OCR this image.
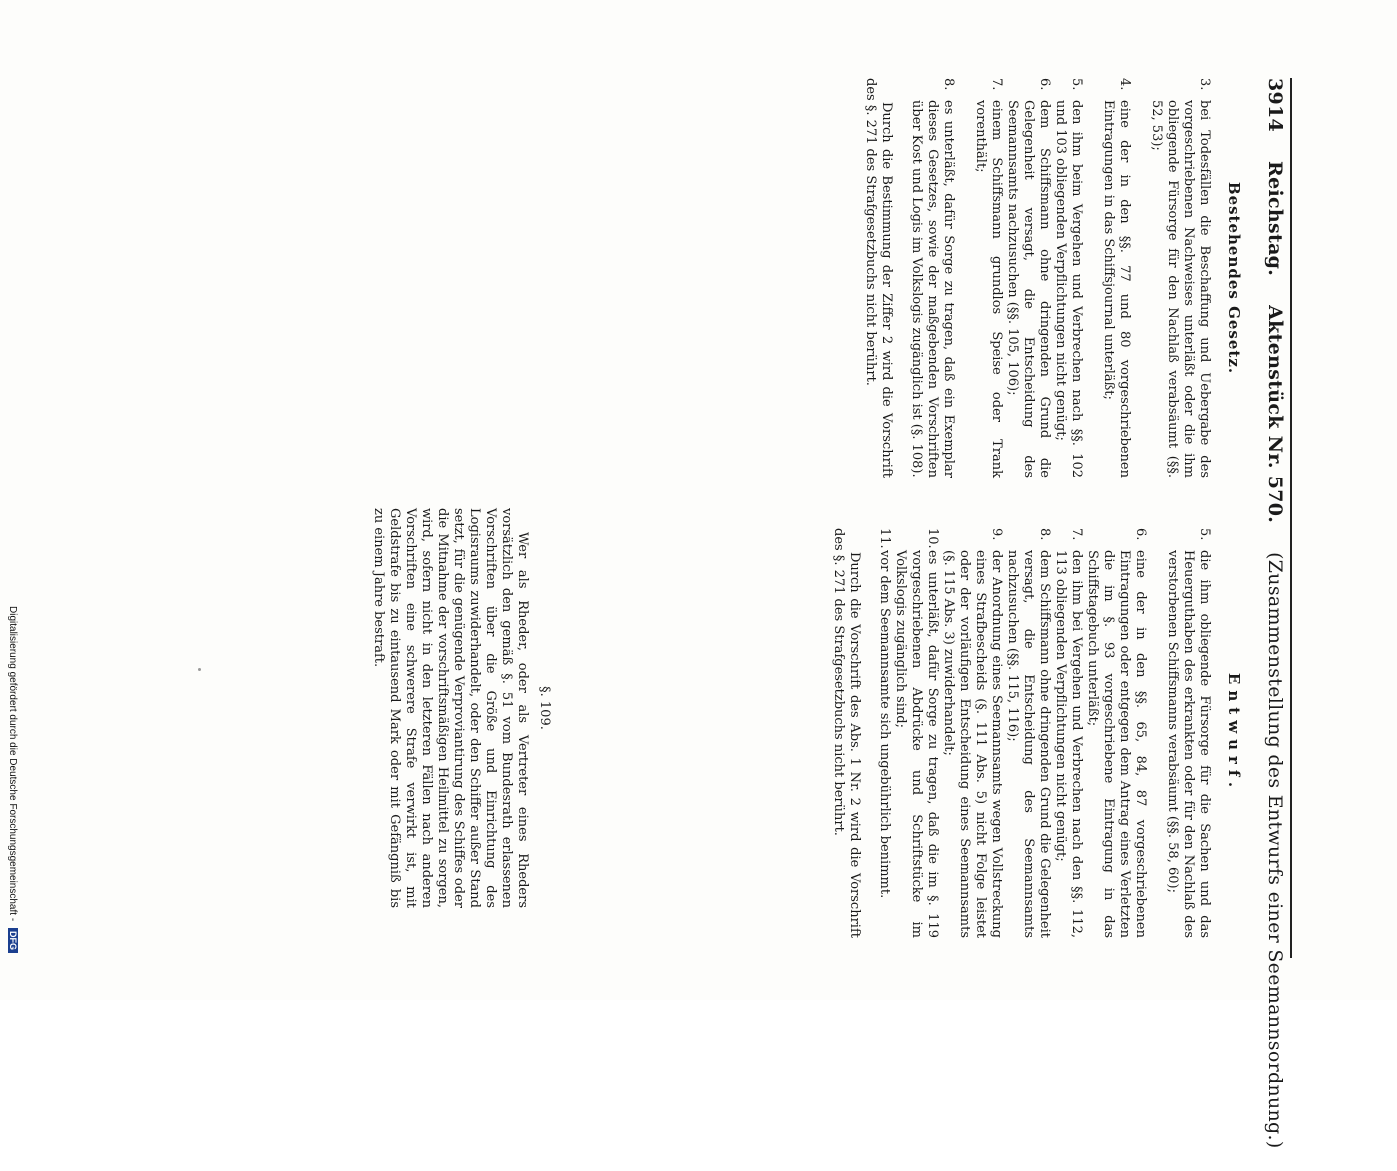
3914 Reichstag. Aktenstück Nr. 570. (Zusammenstellung des Entwurfs einer Seemannsordnung.)
Bestehendes Gesetz.
3.
bei Todesfällen die Beschaffung und Uebergabe des vorgeschriebenen Nachweises unterläßt oder die ihm obliegende Fürsorge für den Nachlaß verabsäumt (§§. 52, 53);
4.
eine der in den §§. 77 und 80 vorgeschriebenen Eintragungen in das Schiffsjournal unterläßt;
5.
den ihm beim Vergehen und Verbrechen nach §§. 102 und 103 obliegenden Verpflichtungen nicht genügt;
6.
dem Schiffsmann ohne dringenden Grund die Gelegenheit versagt, die Entscheidung des Seemannsamts nachzusuchen (§§. 105, 106);
7.
einem Schiffsmann grundlos Speise oder Trank vorenthält;
8.
es unterläßt, dafür Sorge zu tragen, daß ein Exemplar dieses Gesetzes, sowie der maßgebenden Vorschriften über Kost und Logis im Volkslogis zugänglich ist (§. 108).
Durch die Bestimmung der Ziffer 2 wird die Vorschrift des §. 271 des Strafgesetzbuchs nicht berührt.
Entwurf.
5.
die ihm obliegende Fürsorge für die Sachen und das Heuerguthaben des erkrankten oder für den Nachlaß des verstorbenen Schiffsmanns verabsäumt (§§. 58, 60);
6.
eine der in den §§. 65, 84, 87 vorgeschriebenen Eintragungen oder entgegen dem Antrag eines Verletzten die im §. 93 vorgeschriebene Eintragung in das Schiffstagebuch unterläßt;
7.
den ihm bei Vergehen und Verbrechen nach den §§. 112, 113 obliegenden Verpflichtungen nicht genügt;
8.
dem Schiffsmann ohne dringenden Grund die Gelegenheit versagt, die Entscheidung des Seemannsamts nachzusuchen (§§. 115, 116);
9.
der Anordnung eines Seemannsamts wegen Vollstreckung eines Strafbescheids (§. 111 Abs. 5) nicht Folge leistet oder der vorläufigen Entscheidung eines Seemannsamts (§. 115 Abs. 3) zuwiderhandelt;
10.
es unterläßt, dafür Sorge zu tragen, daß die im §. 119 vorgeschriebenen Abdrücke und Schriftstücke im Volkslogis zugänglich sind;
11.
vor dem Seemannsamte sich ungebührlich benimmt.
Durch die Vorschrift des Abs. 1 Nr. 2 wird die Vorschrift des §. 271 des Strafgesetzbuchs nicht berührt.
§. 109.

Wer als Rheder, oder als Vertreter eines Rheders vorsätzlich den gemäß §. 51 vom Bundesrath erlassenen Vorschriften über die Größe und Einrichtung des Logisraums zuwiderhandelt, oder den Schiffer außer Stand setzt, für die genügende Verproviantirung des Schiffes oder die Mitnahme der vorschriftsmäßigen Heilmittel zu sorgen, wird, sofern nicht in den letzteren Fällen nach anderen Vorschriften eine schwerere Strafe verwirkt ist, mit Geldstrafe bis zu eintausend Mark oder mit Gefängniß bis zu einem Jahre bestraft.

Digitalisierung gefördert durch die Deutsche Forschungsgemeinschaft - DFG
